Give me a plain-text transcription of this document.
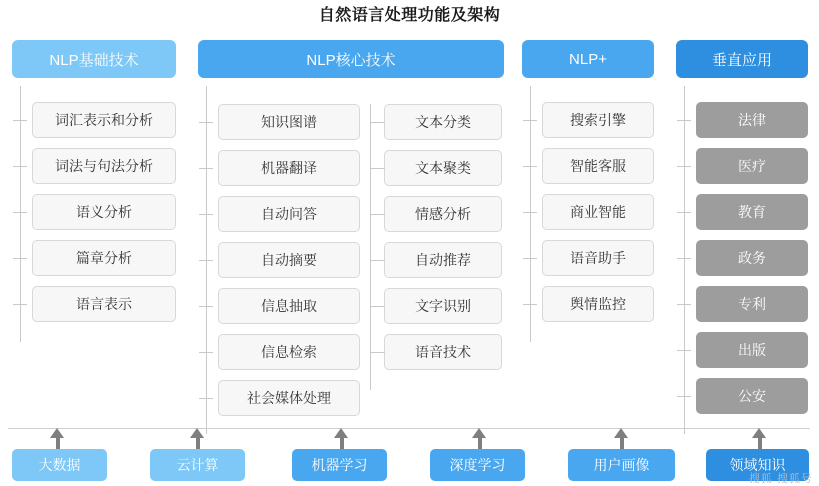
自然语言处理功能及架构
NLP基础技术
词汇表示和分析
词法与句法分析
语义分析
篇章分析
语言表示
NLP核心技术
知识图谱
机器翻译
自动问答
自动摘要
信息抽取
信息检索
社会媒体处理
文本分类
文本聚类
情感分析
自动推荐
文字识别
语音技术
NLP+
搜索引擎
智能客服
商业智能
语音助手
舆情监控
垂直应用
法律
医疗
教育
政务
专利
出版
公安
大数据	云计算	机器学习	深度学习	用户画像	领域知识
搜狐 搜狐号
